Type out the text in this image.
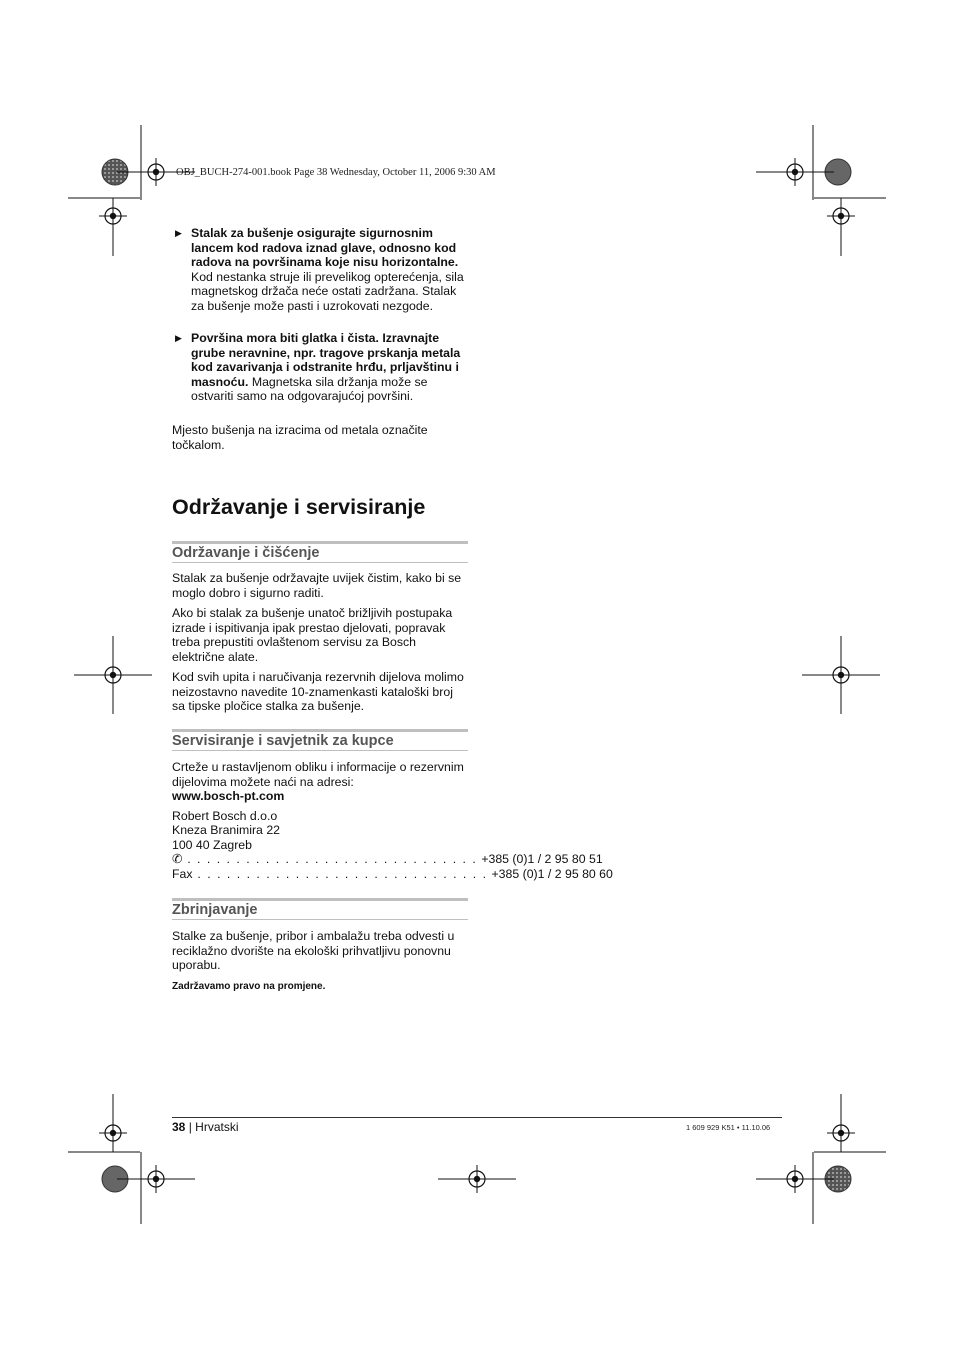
OBJ_BUCH-274-001.book Page 38 Wednesday, October 11, 2006 9:30 AM
▶ Stalak za bušenje osigurajte sigurnosnim lancem kod radova iznad glave, odnosno kod radova na površinama koje nisu horizontalne.
Kod nestanka struje ili prevelikog opterećenja, sila magnetskog držača neće ostati zadržana. Stalak za bušenje može pasti i uzrokovati nezgode.
▶ Površina mora biti glatka i čista. Izravnajte grube neravnine, npr. tragove prskanja metala kod zavarivanja i odstranite hrđu, prljavštinu i masnoću. Magnetska sila držanja može se ostvariti samo na odgovarajućoj površini.

Mjesto bušenja na izracima od metala označite točkalom.

Održavanje i servisiranje
Održavanje i čišćenje

Stalak za bušenje održavajte uvijek čistim, kako bi se moglo dobro i sigurno raditi.

Ako bi stalak za bušenje unatoč brižljivih postupaka izrade i ispitivanja ipak prestao djelovati, popravak treba prepustiti ovlaštenom servisu za Bosch električne alate.

Kod svih upita i naručivanja rezervnih dijelova molimo neizostavno navedite 10-znamenkasti kataloški broj sa tipske pločice stalka za bušenje.

Servisiranje i savjetnik za kupce

Crteže u rastavljenom obliku i informacije o rezervnim dijelovima možete naći na adresi:

www.bosch-pt.com

Robert Bosch d.o.o

Kneza Branimira 22

100 40 Zagreb

✆ . . . . . . . . . . . . . . . . . . . . . . . . . . . . . . +385 (0)1 / 2 95 80 51
Fax . . . . . . . . . . . . . . . . . . . . . . . . . . . . . . +385 (0)1 / 2 95 80 60
Zbrinjavanje

Stalke za bušenje, pribor i ambalažu treba odvesti u reciklažno dvorište na ekološki prihvatljivu ponovnu uporabu.

Zadržavamo pravo na promjene.

38 | Hrvatski	1 609 929 K51 • 11.10.06
